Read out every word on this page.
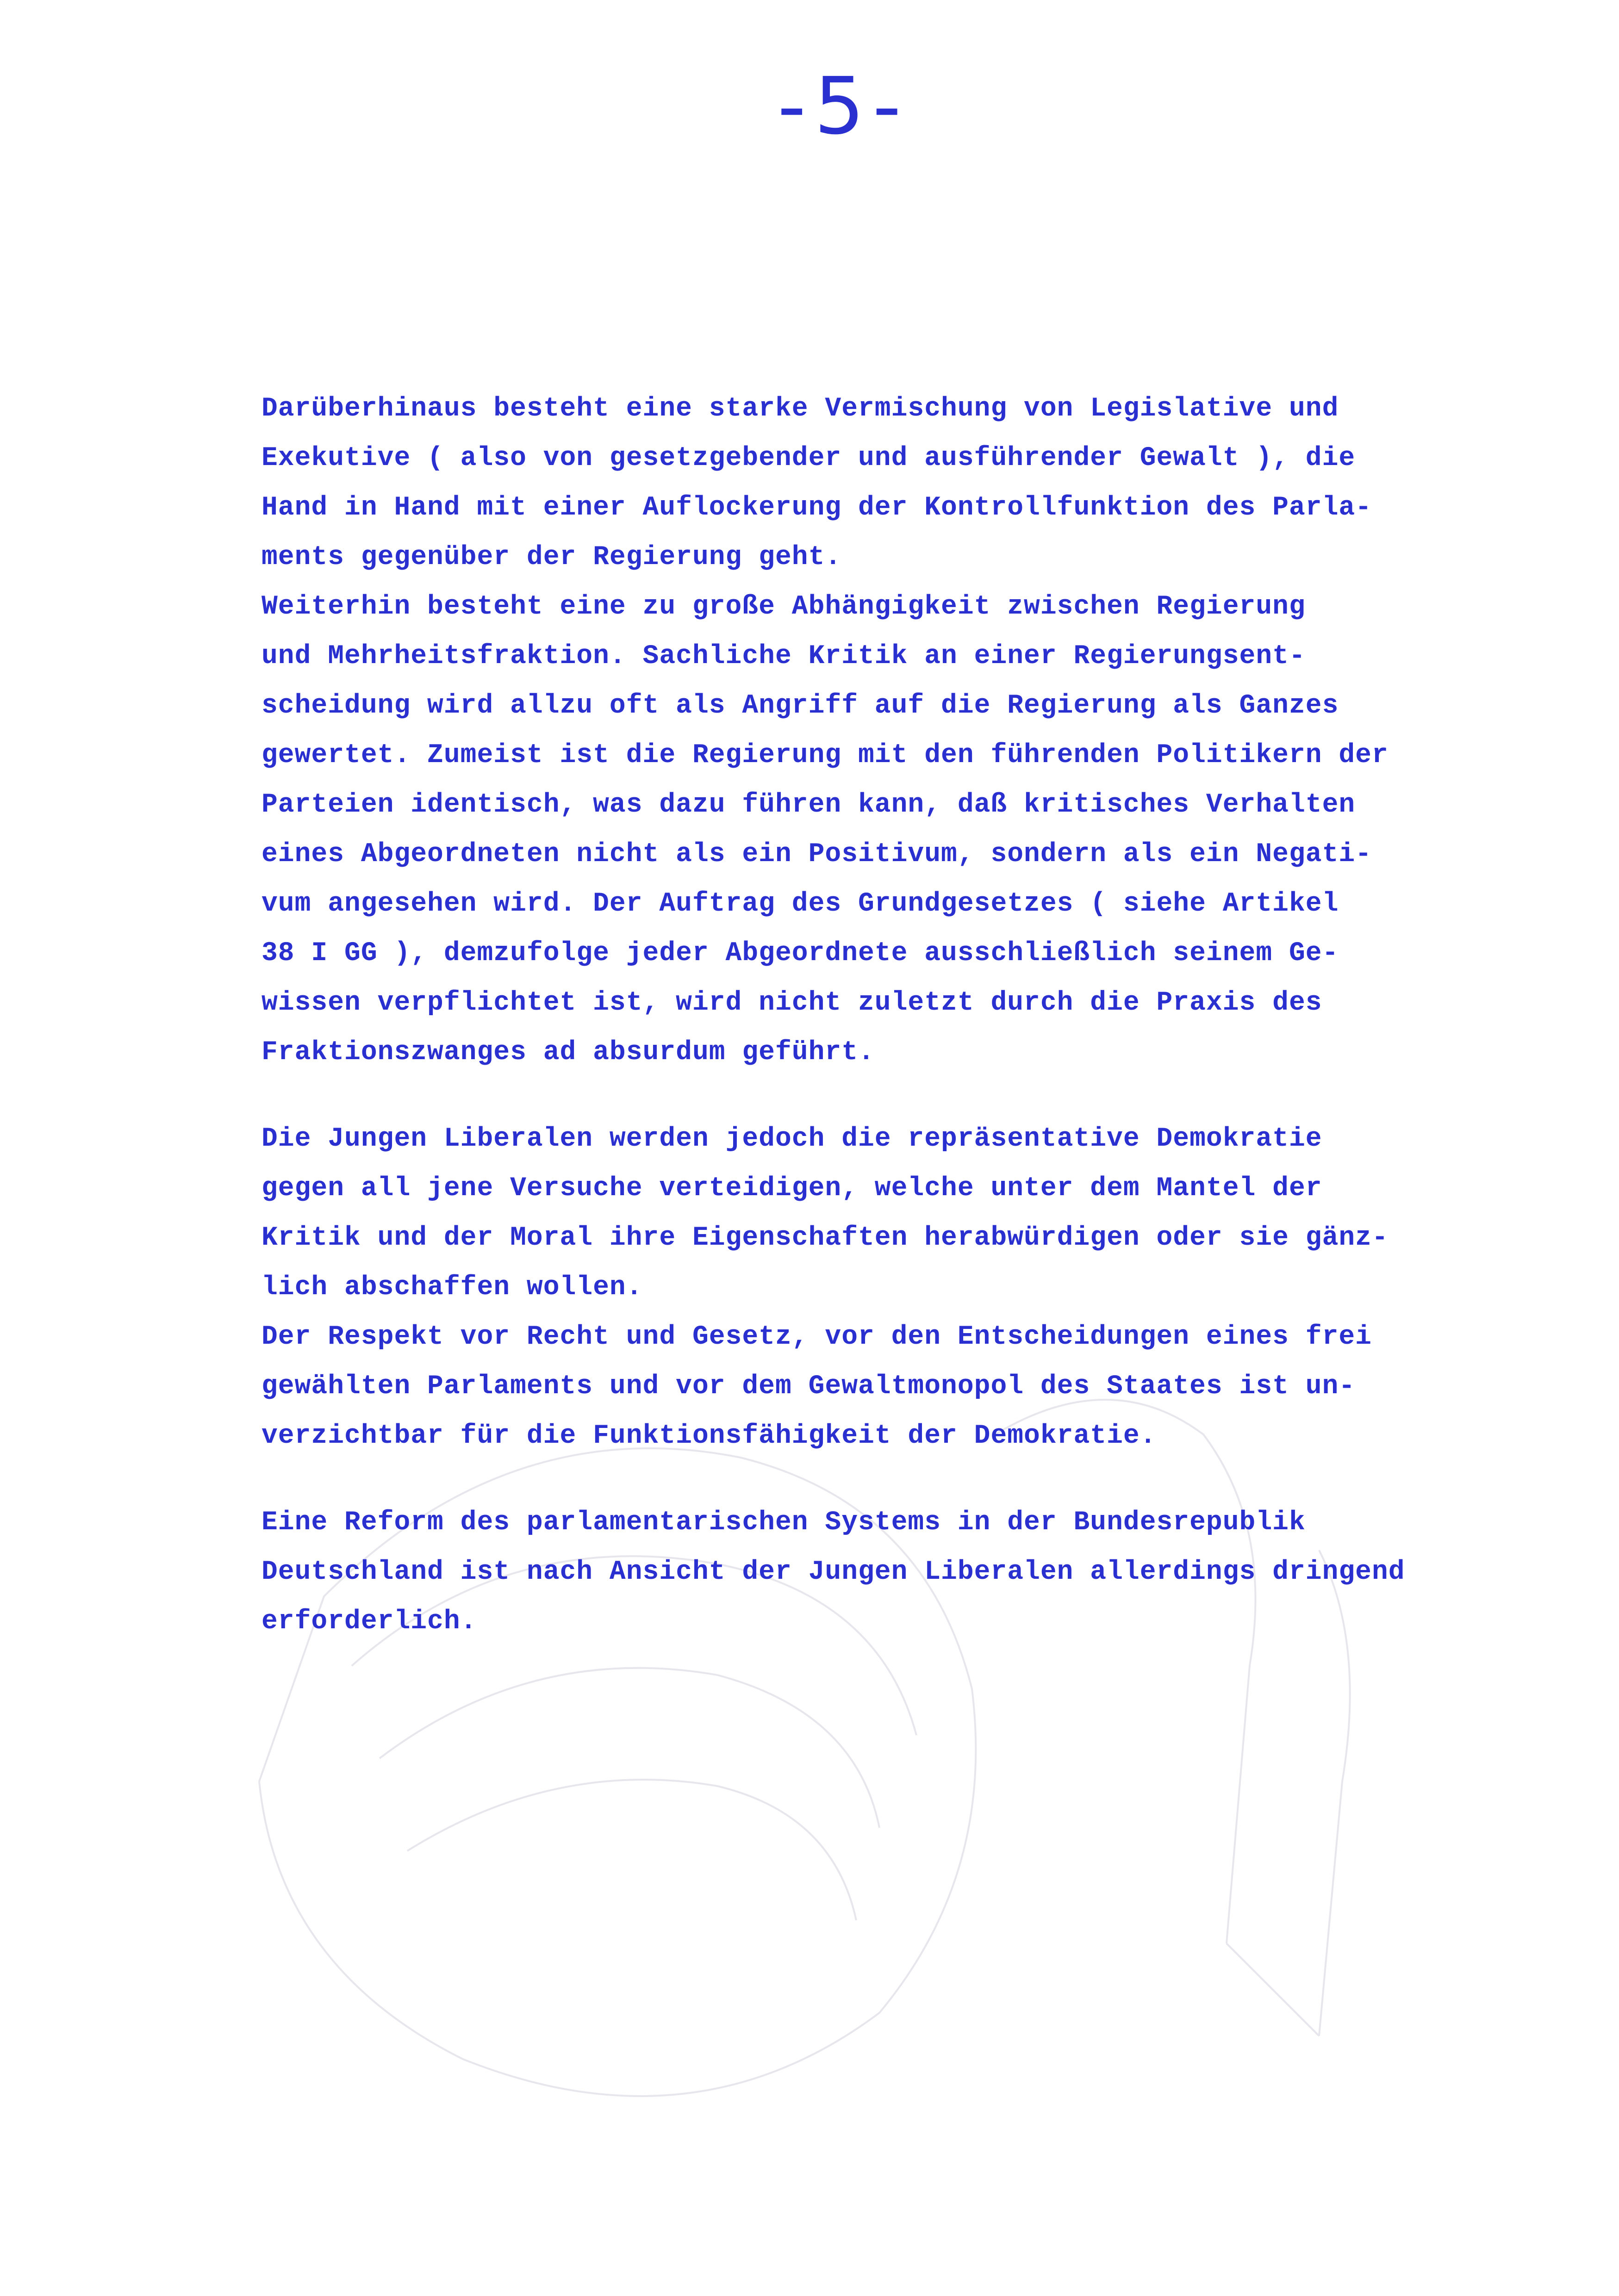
-5-
Darüberhinaus besteht eine starke Vermischung von Legislative und
Exekutive ( also von gesetzgebender und ausführender Gewalt ), die
Hand in Hand mit einer Auflockerung der Kontrollfunktion des Parla-
ments gegenüber der Regierung geht.
Weiterhin besteht eine zu große Abhängigkeit zwischen Regierung
und Mehrheitsfraktion. Sachliche Kritik an einer Regierungsent-
scheidung wird allzu oft als Angriff auf die Regierung als Ganzes
gewertet. Zumeist ist die Regierung mit den führenden Politikern der
Parteien identisch, was dazu führen kann, daß kritisches Verhalten
eines Abgeordneten nicht als ein Positivum, sondern als ein Negati-
vum angesehen wird. Der Auftrag des Grundgesetzes ( siehe Artikel
38 I GG ), demzufolge jeder Abgeordnete ausschließlich seinem Ge-
wissen verpflichtet ist, wird nicht zuletzt durch die Praxis des
Fraktionszwanges ad absurdum geführt.
Die Jungen Liberalen werden jedoch die repräsentative Demokratie
gegen all jene Versuche verteidigen, welche unter dem Mantel der
Kritik und der Moral ihre Eigenschaften herabwürdigen oder sie gänz-
lich abschaffen wollen.
Der Respekt vor Recht und Gesetz, vor den Entscheidungen eines frei
gewählten Parlaments und vor dem Gewaltmonopol des Staates ist un-
verzichtbar für die Funktionsfähigkeit der Demokratie.
Eine Reform des parlamentarischen Systems in der Bundesrepublik
Deutschland ist nach Ansicht der Jungen Liberalen allerdings dringend
erforderlich.
